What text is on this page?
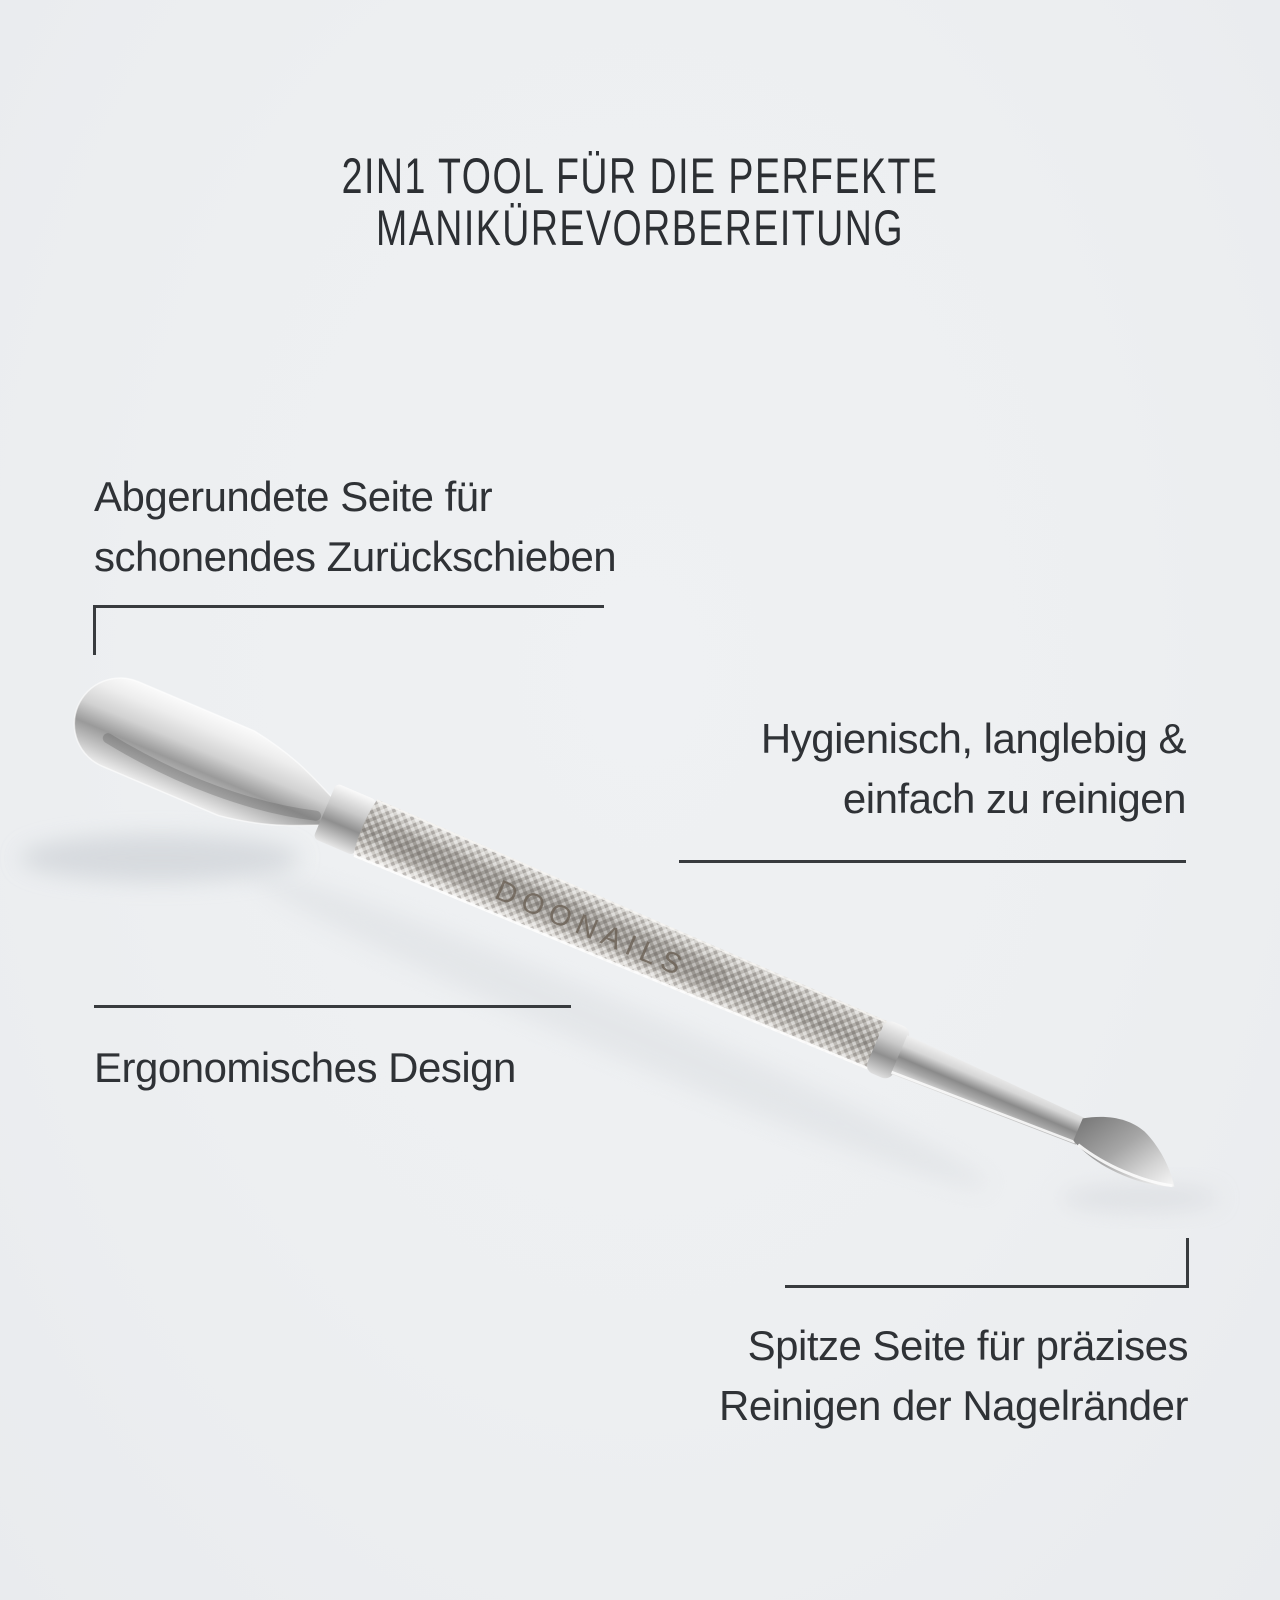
DOONAILS
2IN1 TOOL FÜR DIE PERFEKTE
MANIKÜREVORBEREITUNG
Abgerundete Seite für
schonendes Zurückschieben
Hygienisch, langlebig &
einfach zu reinigen
Ergonomisches Design
Spitze Seite für präzises
Reinigen der Nagelränder
